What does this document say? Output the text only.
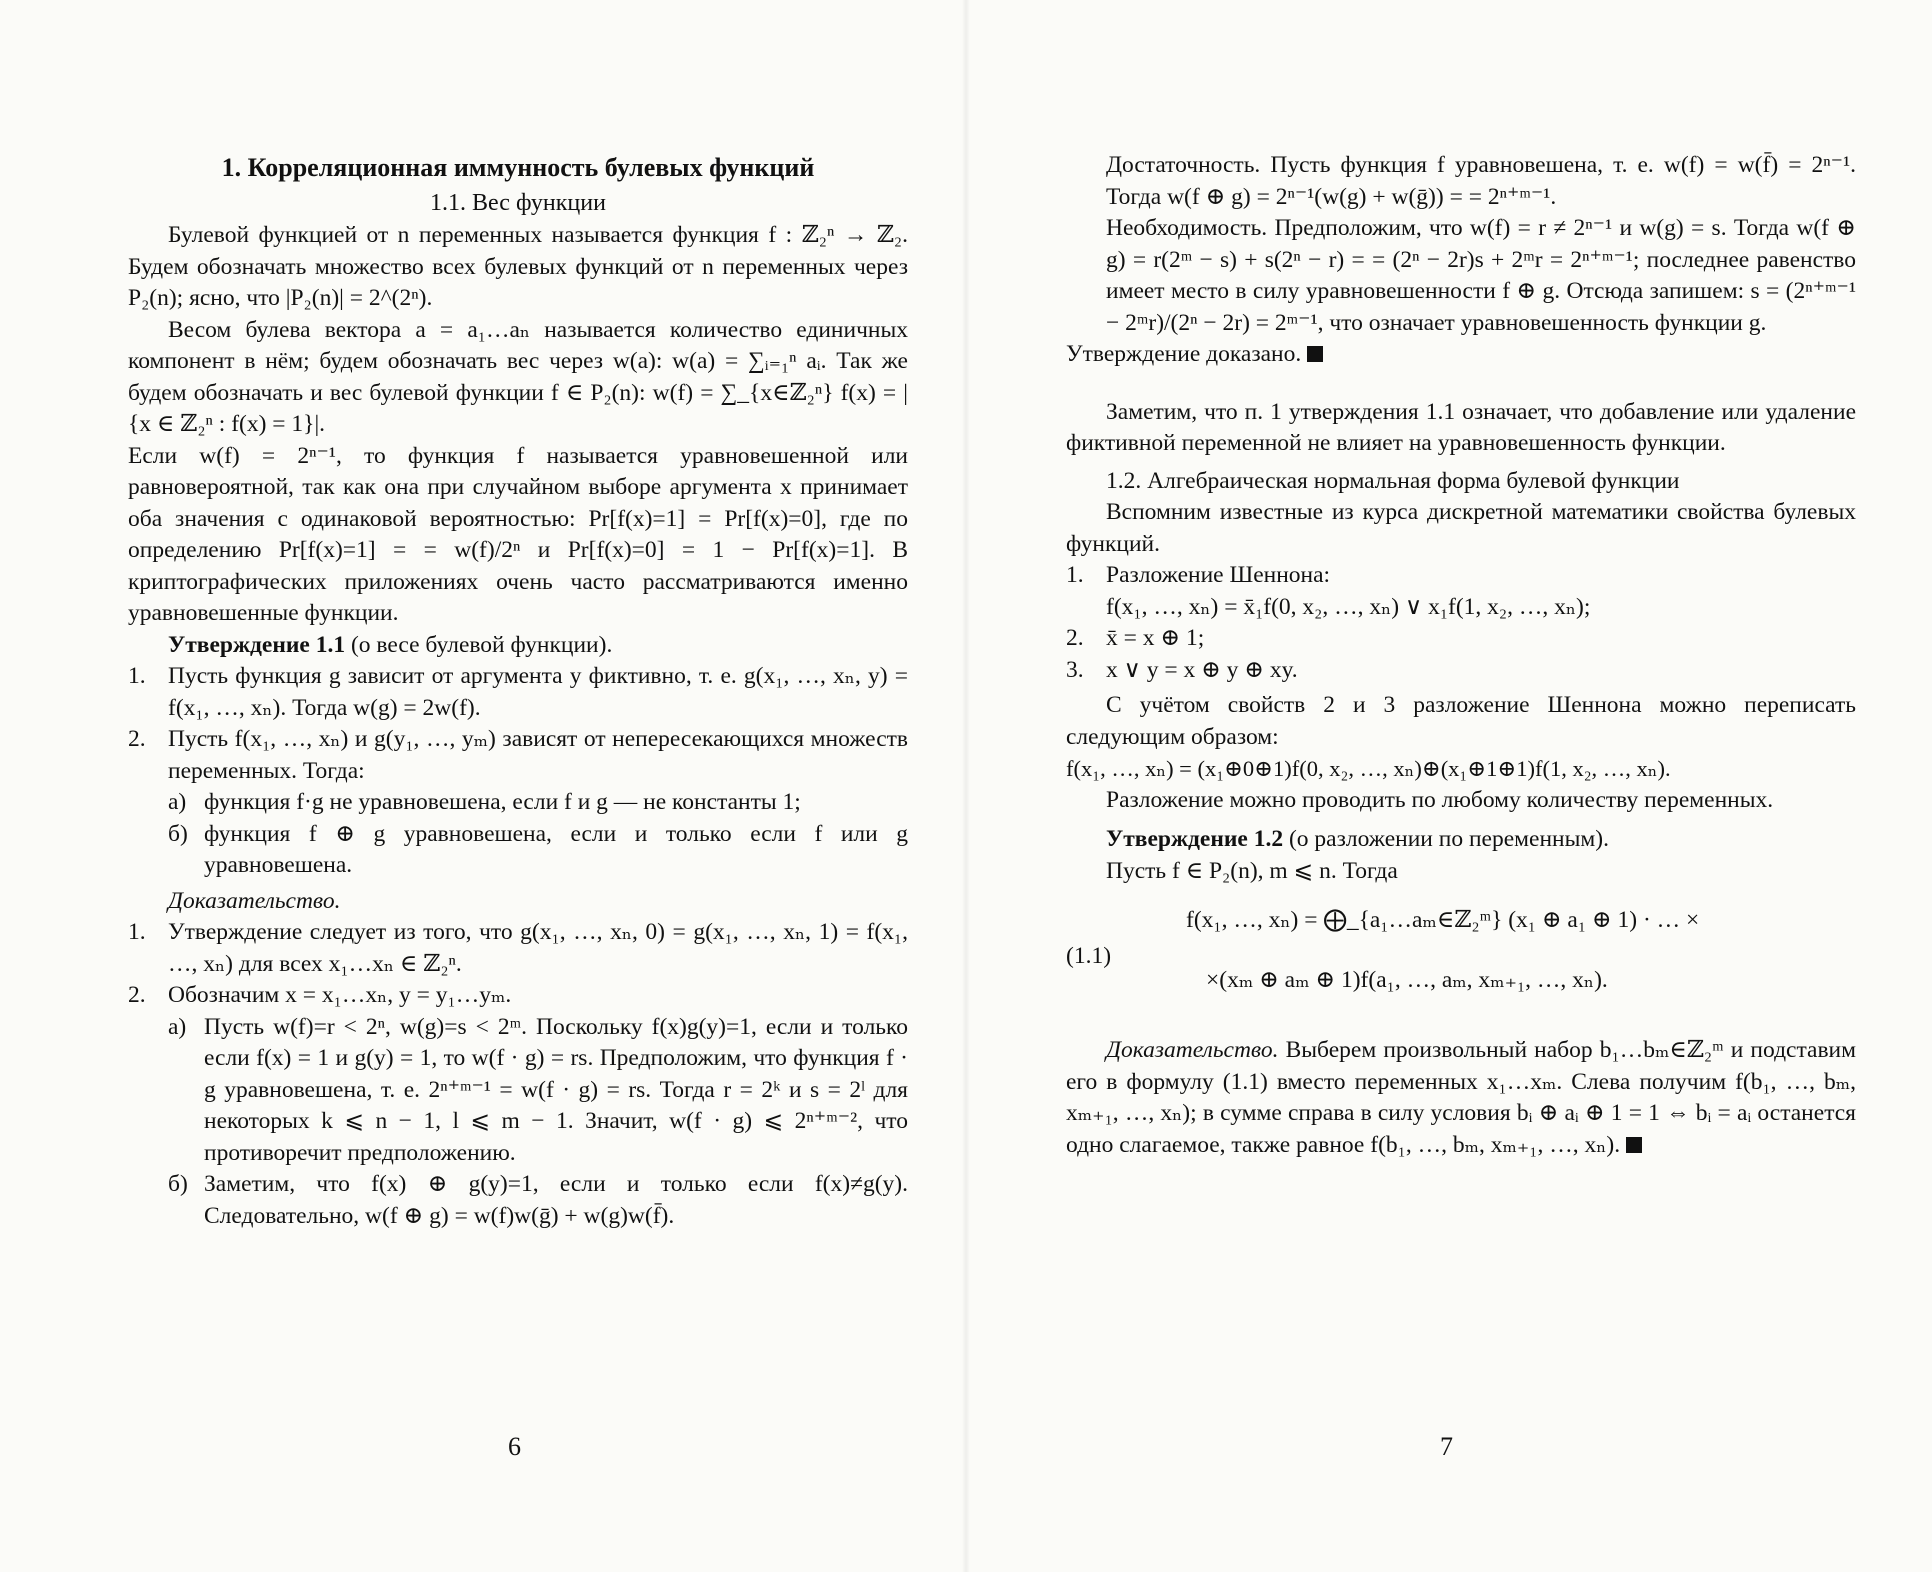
1. Корреляционная иммунность булевых функций
1.1. Вес функции

Булевой функцией от n переменных называется функция f : ℤ₂ⁿ → ℤ₂. Будем обозначать множество всех булевых функций от n переменных через P₂(n); ясно, что |P₂(n)| = 2^(2ⁿ).

Весом булева вектора a = a₁…aₙ называется количество единичных компонент в нём; будем обозначать вес через w(a): w(a) = ∑ᵢ₌₁ⁿ aᵢ. Так же будем обозначать и вес булевой функции f ∈ P₂(n): w(f) = ∑_{x∈ℤ₂ⁿ} f(x) = |{x ∈ ℤ₂ⁿ : f(x) = 1}|.

Если w(f) = 2ⁿ⁻¹, то функция f называется уравновешенной или равновероятной, так как она при случайном выборе аргумента x принимает оба значения с одинаковой вероятностью: Pr[f(x)=1] = Pr[f(x)=0], где по определению Pr[f(x)=1] = = w(f)/2ⁿ и Pr[f(x)=0] = 1 − Pr[f(x)=1]. В криптографических приложениях очень часто рассматриваются именно уравновешенные функции.

Утверждение 1.1 (о весе булевой функции).

1. Пусть функция g зависит от аргумента y фиктивно, т. е. g(x₁, …, xₙ, y) = f(x₁, …, xₙ). Тогда w(g) = 2w(f).
2. Пусть f(x₁, …, xₙ) и g(y₁, …, yₘ) зависят от непересекающихся множеств переменных. Тогда:
а) функция f·g не уравновешена, если f и g — не константы 1;
б) функция f ⊕ g уравновешена, если и только если f или g уравновешена.

Доказательство.

1. Утверждение следует из того, что g(x₁, …, xₙ, 0) = g(x₁, …, xₙ, 1) = f(x₁, …, xₙ) для всех x₁…xₙ ∈ ℤ₂ⁿ.
2. Обозначим x = x₁…xₙ, y = y₁…yₘ.
а) Пусть w(f)=r < 2ⁿ, w(g)=s < 2ᵐ. Поскольку f(x)g(y)=1, если и только если f(x) = 1 и g(y) = 1, то w(f · g) = rs. Предположим, что функция f · g уравновешена, т. е. 2ⁿ⁺ᵐ⁻¹ = w(f · g) = rs. Тогда r = 2ᵏ и s = 2ˡ для некоторых k ⩽ n − 1, l ⩽ m − 1. Значит, w(f · g) ⩽ 2ⁿ⁺ᵐ⁻², что противоречит предположению.
б) Заметим, что f(x) ⊕ g(y)=1, если и только если f(x)≠g(y). Следовательно, w(f ⊕ g) = w(f)w(ḡ) + w(g)w(f̄).
6

Достаточность. Пусть функция f уравновешена, т. е. w(f) = w(f̄) = 2ⁿ⁻¹. Тогда w(f ⊕ g) = 2ⁿ⁻¹(w(g) + w(ḡ)) = = 2ⁿ⁺ᵐ⁻¹.

Необходимость. Предположим, что w(f) = r ≠ 2ⁿ⁻¹ и w(g) = s. Тогда w(f ⊕ g) = r(2ᵐ − s) + s(2ⁿ − r) = = (2ⁿ − 2r)s + 2ᵐr = 2ⁿ⁺ᵐ⁻¹; последнее равенство имеет место в силу уравновешенности f ⊕ g. Отсюда запишем: s = (2ⁿ⁺ᵐ⁻¹ − 2ᵐr)/(2ⁿ − 2r) = 2ᵐ⁻¹, что означает уравновешенность функции g.

Утверждение доказано.

Заметим, что п. 1 утверждения 1.1 означает, что добавление или удаление фиктивной переменной не влияет на уравновешенность функции.

1.2. Алгебраическая нормальная форма булевой функции

Вспомним известные из курса дискретной математики свойства булевых функций.

1. Разложение Шеннона:
f(x₁, …, xₙ) = x̄₁f(0, x₂, …, xₙ) ∨ x₁f(1, x₂, …, xₙ);
2. x̄ = x ⊕ 1;
3. x ∨ y = x ⊕ y ⊕ xy.

С учётом свойств 2 и 3 разложение Шеннона можно переписать следующим образом:

f(x₁, …, xₙ) = (x₁⊕0⊕1)f(0, x₂, …, xₙ)⊕(x₁⊕1⊕1)f(1, x₂, …, xₙ).

Разложение можно проводить по любому количеству переменных.

Утверждение 1.2 (о разложении по переменным).

Пусть f ∈ P₂(n), m ⩽ n. Тогда

(1.1)
f(x₁, …, xₙ) = ⨁_{a₁…aₘ∈ℤ₂ᵐ} (x₁ ⊕ a₁ ⊕ 1) · … ×
×(xₘ ⊕ aₘ ⊕ 1)f(a₁, …, aₘ, xₘ₊₁, …, xₙ).

Доказательство. Выберем произвольный набор b₁…bₘ∈ℤ₂ᵐ и подставим его в формулу (1.1) вместо переменных x₁…xₘ. Слева получим f(b₁, …, bₘ, xₘ₊₁, …, xₙ); в сумме справа в силу условия bᵢ ⊕ aᵢ ⊕ 1 = 1 ⇔ bᵢ = aᵢ останется одно слагаемое, также равное f(b₁, …, bₘ, xₘ₊₁, …, xₙ).

7
